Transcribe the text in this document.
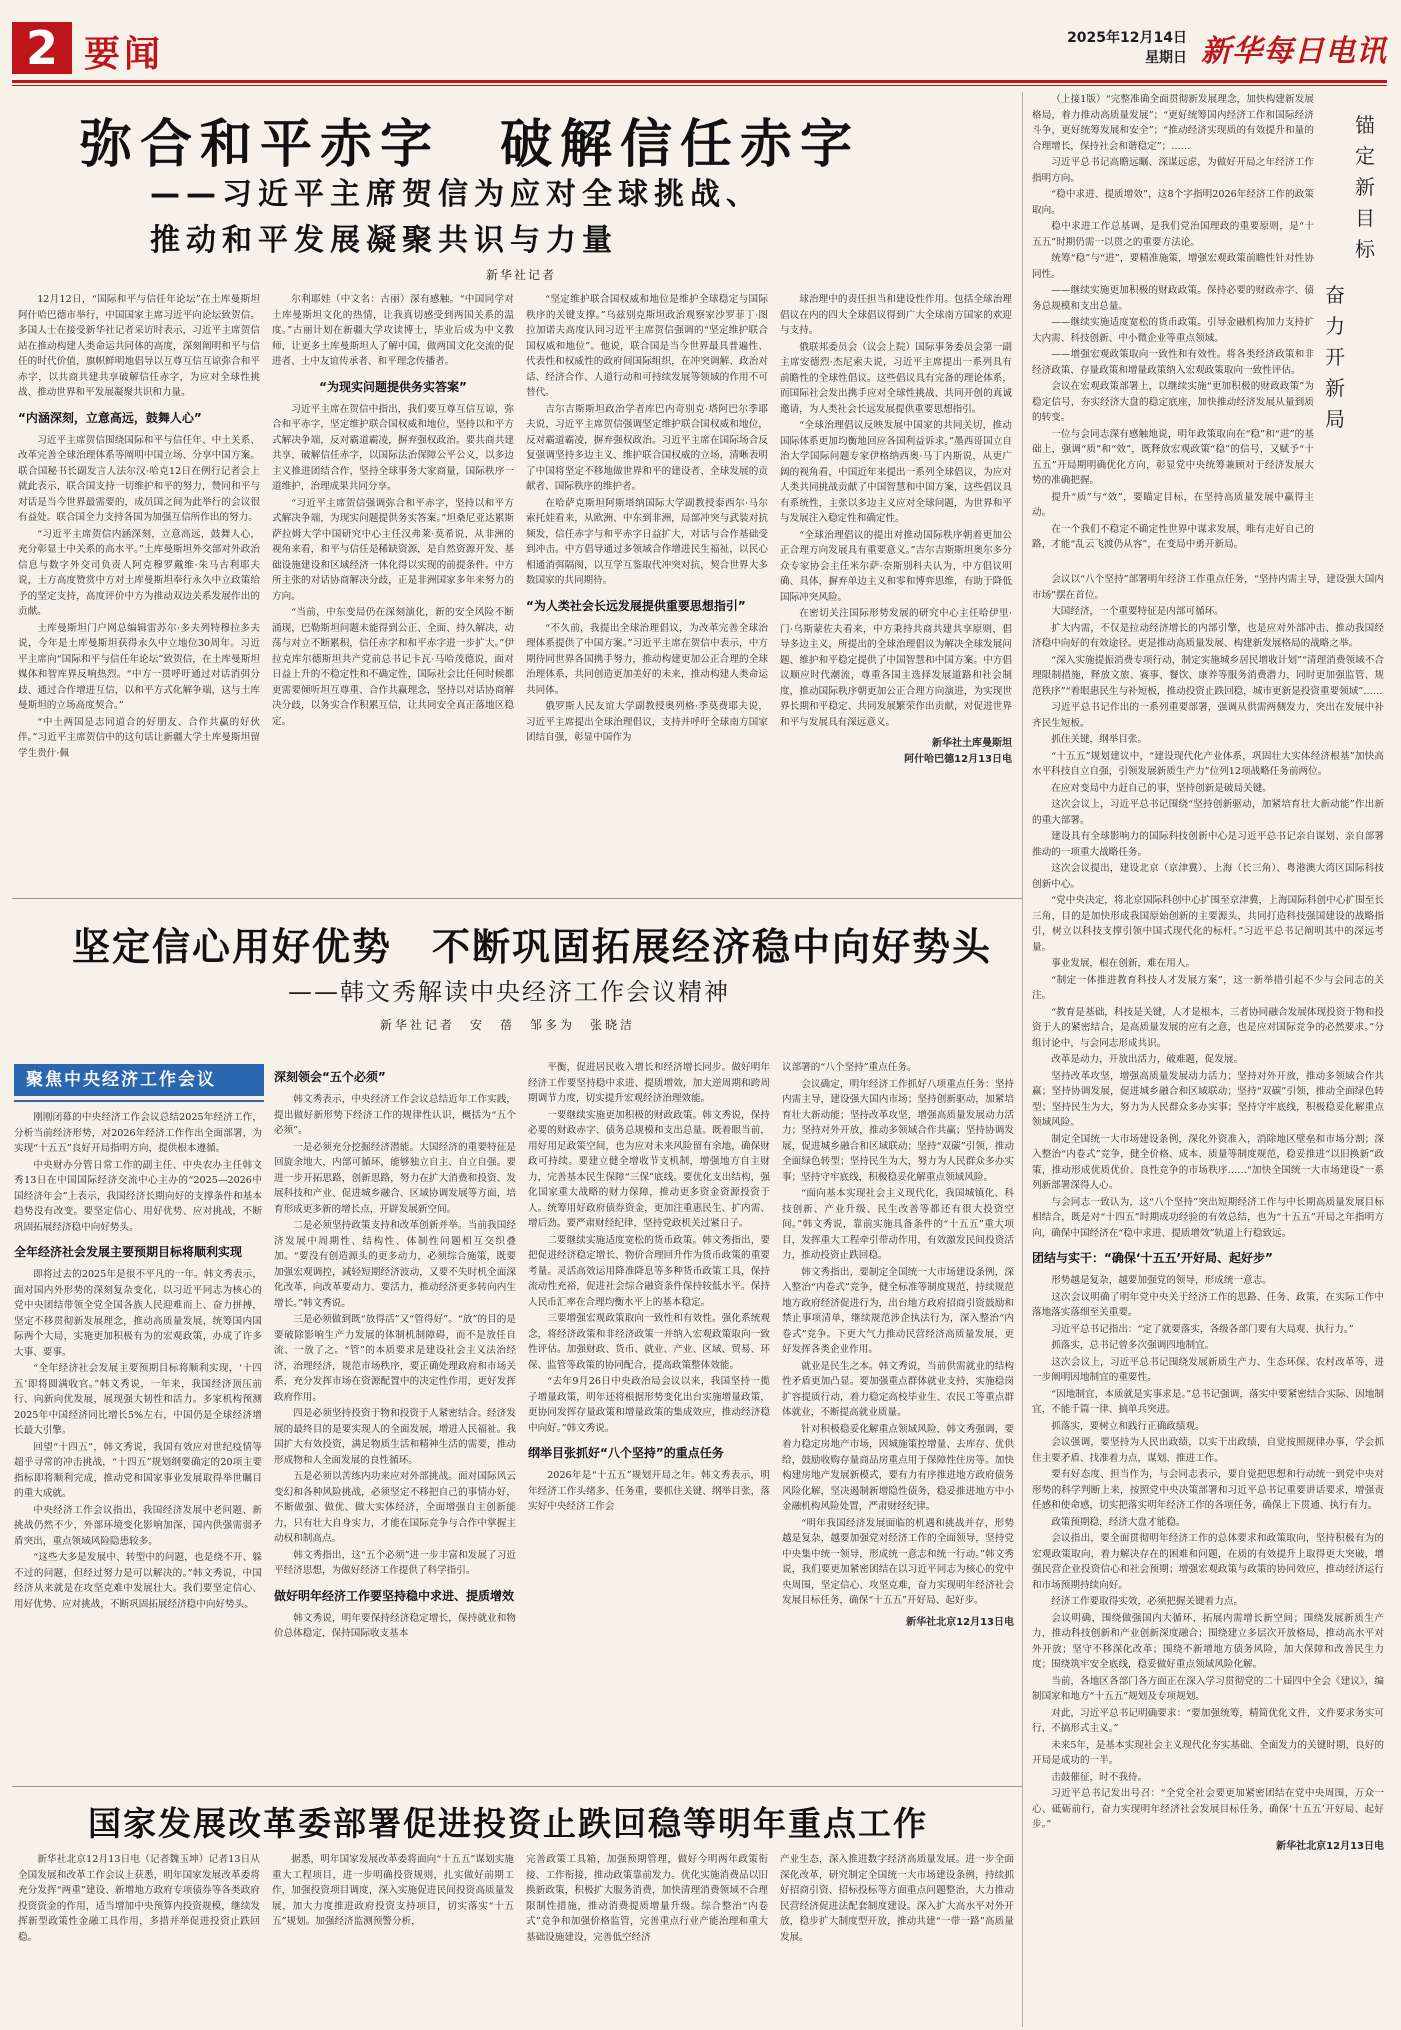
2 要闻	2025年12月14日
星期日 新华每日电讯
弥合和平赤字　破解信任赤字
——习近平主席贺信为应对全球挑战、
推动和平发展凝聚共识与力量
新华社记者

12月12日，“国际和平与信任年论坛”在土库曼斯坦阿什哈巴德市举行，中国国家主席习近平向论坛致贺信。多国人士在接受新华社记者采访时表示，习近平主席贺信站在推动构建人类命运共同体的高度，深刻阐明和平与信任的时代价值，旗帜鲜明地倡导以互尊互信互谅弥合和平赤字，以共商共建共享破解信任赤字，为应对全球性挑战、推动世界和平发展凝聚共识和力量。

“内涵深刻，立意高远，鼓舞人心”

习近平主席贺信围绕国际和平与信任年、中土关系、改革完善全球治理体系等阐明中国立场、分享中国方案。联合国秘书长副发言人法尔汉·哈克12日在例行记者会上就此表示，联合国支持一切维护和平的努力，赞同和平与对话是当今世界最需要的，成员国之间为此举行的会议很有益处。联合国全力支持各国为加强互信所作出的努力。

“习近平主席贺信内涵深刻，立意高远，鼓舞人心，充分彰显土中关系的高水平。”土库曼斯坦外交部对外政治信息与数字外交司负责人阿克穆罗戴维·朱马古利耶夫说，土方高度赞赏中方对土库曼斯坦奉行永久中立政策给予的坚定支持，高度评价中方为推动双边关系发展作出的贡献。

土库曼斯坦门户网总编辑雷苏尔·多夫列特穆拉多夫说，今年是土库曼斯坦获得永久中立地位30周年。习近平主席向“国际和平与信任年论坛”致贺信，在土库曼斯坦媒体和智库界反响热烈。“中方一贯呼吁通过对话消弭分歧、通过合作增进互信，以和平方式化解争端，这与土库曼斯坦的立场高度契合。”

“中土两国是志同道合的好朋友、合作共赢的好伙伴。”习近平主席贺信中的这句话让新疆大学土库曼斯坦留学生贵什·佩

尔利耶娃（中文名：古丽）深有感触。“中国同学对土库曼斯坦文化的热情，让我真切感受到两国关系的温度。”古丽计划在新疆大学攻读博士，毕业后成为中文教师，让更多土库曼斯坦人了解中国，做两国文化交流的促进者、土中友谊传承者、和平理念传播者。

“为现实问题提供务实答案”

习近平主席在贺信中指出，我们要互尊互信互谅，弥合和平赤字，坚定维护联合国权威和地位，坚持以和平方式解决争端，反对霸道霸凌，摒弃强权政治。要共商共建共享，破解信任赤字，以国际法治保障公平公义，以多边主义推进团结合作，坚持全球事务大家商量，国际秩序一道维护，治理成果共同分享。

“习近平主席贺信强调弥合和平赤字，坚持以和平方式解决争端，为现实问题提供务实答案。”坦桑尼亚达累斯萨拉姆大学中国研究中心主任汉弗莱·莫希说，从非洲的视角来看，和平与信任是稀缺资源，是自然资源开发、基础设施建设和区域经济一体化得以实现的前提条件。中方所主张的对话协商解决分歧，正是非洲国家多年来努力的方向。

“当前，中东变局仍在深刻演化，新的安全风险不断涌现，巴勒斯坦问题未能得到公正、全面、持久解决，动荡与对立不断累积，信任赤字和和平赤字进一步扩大。”伊拉克库尔德斯坦共产党前总书记卡瓦·马哈茂德说，面对日益上升的不稳定性和不确定性，国际社会比任何时候都更需要倾听坦互尊重、合作共赢理念，坚持以对话协商解决分歧，以务实合作积累互信，让共同安全真正落地区稳定。

“坚定维护联合国权威和地位是维护全球稳定与国际秩序的关键支撑。”乌兹别克斯坦政治观察家沙罗菲丁·图拉加诺夫高度认同习近平主席贺信强调的“坚定维护联合国权威和地位”。他说，联合国是当今世界最具普遍性、代表性和权威性的政府间国际组织，在冲突调解、政治对话、经济合作、人道行动和可持续发展等领域的作用不可替代。

吉尔吉斯斯坦政治学者库巴内奇别克·塔阿巴尔季耶夫说，习近平主席贺信强调坚定维护联合国权威和地位，反对霸道霸凌，摒弃强权政治。习近平主席在国际场合反复强调坚持多边主义、维护联合国权威的立场，清晰表明了中国将坚定不移地做世界和平的建设者、全球发展的贡献者、国际秩序的维护者。

在哈萨克斯坦阿斯塔纳国际大学副教授泰西尔·马尔索托娃看来，从欧洲、中东到非洲，局部冲突与武装对抗频发，信任赤字与和平赤字日益扩大，对话与合作基础受到冲击。中方倡导通过多领域合作增进民生福祉，以民心相通消弭隔阂，以互学互鉴取代冲突对抗，契合世界大多数国家的共同期待。

“为人类社会长远发展提供重要思想指引”

“不久前，我提出全球治理倡议，为改革完善全球治理体系提供了中国方案。”习近平主席在贺信中表示，中方期待同世界各国携手努力，推动构建更加公正合理的全球治理体系，共同创造更加美好的未来，推动构建人类命运共同体。

俄罗斯人民友谊大学副教授奥列格·季莫费耶夫说，习近平主席提出全球治理倡议，支持并呼吁全球南方国家团结自强，彰显中国作为

球治理中的责任担当和建设性作用。包括全球治理倡议在内的四大全球倡议得到广大全球南方国家的欢迎与支持。

俄联邦委员会（议会上院）国际事务委员会第一副主席安德烈·杰尼索夫说，习近平主席提出一系列具有前瞻性的全球性倡议。这些倡议具有完备的理论体系，而国际社会发出携手应对全球性挑战、共同开创的真诚邀请，为人类社会长远发展提供重要思想指引。

“全球治理倡议反映发展中国家的共同关切，推动国际体系更加均衡地回应各国利益诉求。”墨西哥国立自治大学国际问题专家伊格纳西奥·马丁内斯说，从更广阔的视角看，中国近年来提出一系列全球倡议，为应对人类共同挑战贡献了中国智慧和中国方案，这些倡议具有系统性，主张以多边主义应对全球问题，为世界和平与发展注入稳定性和确定性。

“全球治理倡议的提出对推动国际秩序朝着更加公正合理方向发展具有重要意义。”吉尔吉斯斯坦奥尔多分众专家协会主任米尔萨·奈斯别科夫认为，中方倡议明确、具体，摒弃单边主义和零和博弈思维，有助于降低国际冲突风险。

在密切关注国际形势发展的研究中心主任哈伊里·门·乌斯蒙佐夫看来，中方秉持共商共建共享原则，倡导多边主义，所提出的全球治理倡议为解决全球发展问题、维护和平稳定提供了中国智慧和中国方案。中方倡议顺应时代潮流，尊重各国主选择发展道路和社会制度，推动国际秩序朝更加公正合理方向演进，为实现世界长期和平稳定、共同发展繁荣作出贡献，对促进世界和平与发展具有深远意义。

新华社土库曼斯坦
阿什哈巴德12月13日电
坚定信心用好优势　不断巩固拓展经济稳中向好势头
——韩文秀解读中央经济工作会议精神
新华社记者　安　蓓　邹多为　张晓洁
聚焦中央经济工作会议

刚刚闭幕的中央经济工作会议总结2025年经济工作，分析当前经济形势，对2026年经济工作作出全面部署，为实现“十五五”良好开局指明方向，提供根本遵循。

中央财办分管日常工作的副主任、中央农办主任韩文秀13日在中国国际经济交流中心主办的“2025—2026中国经济年会”上表示，我国经济长期向好的支撑条件和基本趋势没有改变。要坚定信心、用好优势、应对挑战，不断巩固拓展经济稳中向好势头。

全年经济社会发展主要预期目标将顺利实现

即将过去的2025年是很不平凡的一年。韩文秀表示，面对国内外形势的深刻复杂变化，以习近平同志为核心的党中央团结带领全党全国各族人民迎难而上、奋力拼搏，坚定不移贯彻新发展理念，推动高质量发展，统筹国内国际两个大局，实施更加积极有为的宏观政策，办成了许多大事、要事。

“全年经济社会发展主要预期目标将顺利实现，‘十四五’即将圆满收官。”韩文秀说，一年来，我国经济顶压前行、向新向优发展，展现强大韧性和活力。多家机构预测2025年中国经济同比增长5%左右，中国仍是全球经济增长最大引擎。

回望“十四五”，韩文秀说，我国有效应对世纪疫情等超乎寻常的冲击挑战，“十四五”规划纲要确定的20项主要指标即将顺利完成，推动党和国家事业发展取得举世瞩目的重大成就。

中央经济工作会议指出，我国经济发展中老问题、新挑战仍然不少，外部环境变化影响加深，国内供强需弱矛盾突出，重点领域风险隐患较多。

“这些大多是发展中、转型中的问题，也是绕不开、躲不过的问题，但经过努力是可以解决的。”韩文秀说，中国经济从来就是在攻坚克难中发展壮大。我们要坚定信心、用好优势、应对挑战，不断巩固拓展经济稳中向好势头。

深刻领会“五个必须”

韩文秀表示，中央经济工作会议总结近年工作实践，提出做好新形势下经济工作的规律性认识，概括为“五个必须”。

一是必须充分挖掘经济潜能。大国经济的重要特征是回旋余地大，内部可循环，能够独立自主、自立自强。要进一步开拓思路，创新思路，努力在扩大消费和投资、发展科技和产业、促进城乡融合、区域协调发展等方面，培育形成更多新的增长点，开辟发展新空间。

二是必须坚持政策支持和改革创新并举。当前我国经济发展中周期性、结构性、体制性问题相互交织叠加。“要没有创造源头的更多动力，必须综合施策，既要加强宏观调控，减轻短期经济波动，又要不失时机全面深化改革，向改革要动力、要活力，推动经济更多转向内生增长。”韩文秀说。

三是必须做到既“放得活”又“管得好”。“放”的目的是要破除影响生产力发展的体制机制障碍，而不是放任自流、一放了之。“管”的本质要求是建设社会主义法治经济，治理经济，规范市场秩序，要正确处理政府和市场关系，充分发挥市场在资源配置中的决定性作用，更好发挥政府作用。

四是必须坚持投资于物和投资于人紧密结合。经济发展的最终目的是要实现人的全面发展，增进人民福祉。我国扩大有效投资，满足物质生活和精神生活的需要，推动形成物和人全面发展的良性循环。

五是必须以苦练内功来应对外部挑战。面对国际风云变幻和各种风险挑战，必须坚定不移把自己的事情办好，不断做强、做优、做大实体经济，全面增强自主创新能力，只有壮大自身实力，才能在国际竞争与合作中掌握主动权和制高点。

韩文秀指出，这“五个必须”进一步丰富和发展了习近平经济思想，为做好经济工作提供了科学指引。

做好明年经济工作要坚持稳中求进、提质增效

韩文秀说，明年要保持经济稳定增长，保持就业和物价总体稳定，保持国际收支基本

平衡，促进居民收入增长和经济增长同步。做好明年经济工作要坚持稳中求进、提质增效，加大逆周期和跨周期调节力度，切实提升宏观经济治理效能。

一要继续实施更加积极的财政政策。韩文秀说，保持必要的财政赤字、债务总规模和支出总量。既着眼当前，用好用足政策空间，也为应对未来风险留有余地，确保财政可持续。要建立健全增收节支机制，增强地方自主财力，完善基本民生保障“三保”底线。要优化支出结构，强化国家重大战略的财力保障，推动更多资金资源投资于人。统筹用好政府债券资金，更加注重惠民生、扩内需、增后劲。要严肃财经纪律，坚持党政机关过紧日子。

二要继续实施适度宽松的货币政策。韩文秀指出，要把促进经济稳定增长、物价合理回升作为货币政策的重要考量。灵活高效运用降准降息等多种货币政策工具，保持流动性充裕，促进社会综合融资条件保持较低水平。保持人民币汇率在合理均衡水平上的基本稳定。

三要增强宏观政策取向一致性和有效性。强化系统观念，将经济政策和非经济政策一并纳入宏观政策取向一致性评估。加强财政、货币、就业、产业、区域、贸易、环保、监管等政策的协同配合，提高政策整体效能。

“去年9月26日中央政治局会议以来，我国坚持一揽子增量政策，明年还将根据形势变化出台实施增量政策，更协同发挥存量政策和增量政策的集成效应，推动经济稳中向好。”韩文秀说。

纲举目张抓好“八个坚持”的重点任务

2026年是“十五五”规划开局之年。韩文秀表示，明年经济工作头绪多、任务重，要抓住关键、纲举目张，落实好中央经济工作会

议部署的“八个坚持”重点任务。

会议确定，明年经济工作抓好八项重点任务：坚持内需主导，建设强大国内市场；坚持创新驱动，加紧培育壮大新动能；坚持改革攻坚，增强高质量发展动力活力；坚持对外开放，推动多领域合作共赢；坚持协调发展，促进城乡融合和区域联动；坚持“双碳”引领，推动全面绿色转型；坚持民生为大，努力为人民群众多办实事；坚持守牢底线，积极稳妥化解重点领域风险。

“面向基本实现社会主义现代化，我国城镇化、科技创新、产业升级、民生改善等都还有很大投资空间。”韩文秀说，靠前实施具备条件的“十五五”重大项目，发挥重大工程牵引带动作用，有效激发民间投资活力，推动投资止跌回稳。

韩文秀指出，要制定全国统一大市场建设条例，深入整治“内卷式”竞争，健全标准等制度规范，持续规范地方政府经济促进行为，出台地方政府招商引资鼓励和禁止事项清单，继续规范涉企执法行为，深入整治“内卷式”竞争。下更大气力推动民营经济高质量发展，更好发挥各类企业作用。

就业是民生之本。韩文秀说，当前供需就业的结构性矛盾更加凸显。要加强重点群体就业支持，实施稳岗扩容提质行动，着力稳定高校毕业生、农民工等重点群体就业，不断提高就业质量。

针对积极稳妥化解重点领域风险，韩文秀强调，要着力稳定房地产市场，因城施策控增量、去库存、优供给，鼓励收购存量商品房重点用于保障性住房等。加快构建房地产发展新模式，要有力有序推进地方政府债务风险化解，坚决遏制新增隐性债务，稳妥推进地方中小金融机构风险处置，严肃财经纪律。

“明年我国经济发展面临的机遇和挑战并存，形势越是复杂，越要加强党对经济工作的全面领导，坚持党中央集中统一领导，形成统一意志和统一行动。”韩文秀说，我们要更加紧密团结在以习近平同志为核心的党中央周围，坚定信心、攻坚克难，奋力实现明年经济社会发展目标任务，确保“十五五”开好局、起好步。

新华社北京12月13日电
国家发展改革委部署促进投资止跌回稳等明年重点工作

新华社北京12月13日电（记者魏玉坤）记者13日从全国发展和改革工作会议上获悉，明年国家发展改革委将充分发挥“两重”建设、新增地方政府专项债券等各类政府投资资金的作用，适当增加中央预算内投资规模，继续发挥新型政策性金融工具作用，多措并举促进投资止跌回稳。

据悉，明年国家发展改革委将面向“十五五”谋划实施重大工程项目，进一步明确投资规则，扎实做好前期工作，加强投资项目调度，深入实施促进民间投资高质量发展，加大力度推进政府投资支持项目，切实落实“十五五”规划。加强经济监测预警分析，

完善政策工具箱，加强预期管理，做好今明两年政策衔接、工作衔接，推动政策靠前发力。优化实施消费品以旧换新政策，积极扩大服务消费，加快清理消费领域不合理限制性措施，推动消费提质增量升级。综合整治“内卷式”竞争和加强价格监管，完善重点行业产能治理和重大基础设施建设，完善低空经济

产业生态，深入推进数字经济高质量发展。进一步全面深化改革，研究制定全国统一大市场建设条例，持续抓好招商引资、招标投标等方面重点问题整治，大力推动民营经济促进法配套制度建设。深入扩大高水平对外开放，稳步扩大制度型开放，推动共建“一带一路”高质量发展。

锚
定
新
目
标
奋
力
开
新
局

（上接1版）“完整准确全面贯彻新发展理念，加快构建新发展格局，着力推动高质量发展”；“更好统筹国内经济工作和国际经济斗争，更好统筹发展和安全”；“推动经济实现质的有效提升和量的合理增长，保持社会和谐稳定”；……

习近平总书记高瞻远瞩、深谋远虑，为做好开局之年经济工作指明方向。

“稳中求进、提质增效”，这8个字指明2026年经济工作的政策取向。

稳中求进工作总基调，是我们党治国理政的重要原则，是“十五五”时期仍需一以贯之的重要方法论。

统筹“稳”与“进”，要精准施策，增强宏观政策前瞻性针对性协同性。

——继续实施更加积极的财政政策。保持必要的财政赤字、债务总规模和支出总量。

——继续实施适度宽松的货币政策。引导金融机构加力支持扩大内需、科技创新、中小微企业等重点领域。

——增强宏观政策取向一致性和有效性。将各类经济政策和非经济政策、存量政策和增量政策纳入宏观政策取向一致性评估。

会议在宏观政策部署上，以继续实施“更加积极的财政政策”为稳定信号，夯实经济大盘的稳定底座，加快推动经济发展从量到质的转变。

一位与会同志深有感触地说，明年政策取向在“稳”和“进”的基础上，强调“质”和“效”，既释放宏观政策“稳”的信号，又赋予“十五五”开局期明确优化方向，彰显党中央统筹兼顾对于经济发展大势的准确把握。

提升“质”与“效”，要瞄定目标，在坚持高质量发展中赢得主动。

在一个我们不稳定不确定性世界中谋求发展，唯有走好自己的路，才能“乱云飞渡仍从容”，在变局中勇开新局。

会议以“八个坚持”部署明年经济工作重点任务，“坚持内需主导，建设强大国内市场”摆在首位。

大国经济，一个重要特征是内部可循环。

扩大内需，不仅是拉动经济增长的内部引擎，也是应对外部冲击、推动我国经济稳中向好的有效途径。更是推动高质量发展、构建新发展格局的战略之举。

“深入实施提振消费专项行动，制定实施城乡居民增收计划”“清理消费领域不合理限制措施，释放文旅、赛事、餐饮、康养等服务消费潜力，同时更加强监管、规范秩序”“着眼惠民生与补短板，推动投资止跌回稳，城市更新是投资重要领域”……

习近平总书记作出的一系列重要部署，强调从供需两侧发力，突出在发展中补齐民生短板。

抓住关键，纲举目张。

“十五五”规划建议中，“建设现代化产业体系，巩固壮大实体经济根基”加快高水平科技自立自强，引领发展新质生产力”位列12项战略任务前两位。

在应对变局中力赶自己的事，坚持创新是破局关键。

这次会议上，习近平总书记围绕“坚持创新驱动，加紧培育壮大新动能”作出新的重大部署。

建设具有全球影响力的国际科技创新中心是习近平总书记亲自谋划、亲自部署推动的一项重大战略任务。

这次会议提出，建设北京（京津冀）、上海（长三角）、粤港澳大湾区国际科技创新中心。

“党中央决定，将北京国际科创中心扩围至京津冀，上海国际科创中心扩围至长三角，目的是加快形成我国原始创新的主要源头，共同打造科技强国建设的战略指引，树立以科技支撑引领中国式现代化的标杆。”习近平总书记阐明其中的深远考量。

事业发展，根在创新，难在用人。

“制定一体推进教育科技人才发展方案”，这一新举措引起不少与会同志的关注。

“教育是基础，科技是关键，人才是根本，三者协同融合发展体现投资于物和投资于人的紧密结合，是高质量发展的应有之意，也是应对国际竞争的必然要求。”分组讨论中，与会同志形成共识。

改革是动力，开放出活力，破难题，促发展。

坚持改革攻坚，增强高质量发展动力活力；坚持对外开放，推动多领域合作共赢；坚持协调发展，促进城乡融合和区域联动；坚持“双碳”引领，推动全面绿色转型；坚持民生为大，努力为人民群众多办实事；坚持守牢底线，积极稳妥化解重点领域风险。

制定全国统一大市场建设条例，深化外资准入，消除地区壁垒和市场分割；深入整治“内卷式”竞争，健全价格、成本、质量等制度规范，稳妥推进“以旧换新”政策，推动形成优质优价、良性竞争的市场秩序……“加快全国统一大市场建设”一系列新部署深得人心。

与会同志一致认为，这“八个坚持”突出短期经济工作与中长期高质量发展目标相结合，既是对“十四五”时期成功经验的有效总结，也为“十五五”开局之年指明方向，确保中国经济在“稳中求进、提质增效”轨道上行稳致远。

团结与实干：“确保‘十五五’开好局、起好步”

形势越是复杂，越要加强党的领导，形成统一意志。

这次会议明确了明年党中央关于经济工作的思路、任务、政策，在实际工作中落地落实落细至关重要。

习近平总书记指出：“定了就要落实，各级各部门要有大局观、执行力。”

抓落实，总书记曾多次强调四地制宜。

这次会议上，习近平总书记围绕发展新质生产力、生态环保、农村改革等，进一步阐明因地制宜的重要性。

“因地制宜，本质就是实事求是。”总书记强调，落实中要紧密结合实际、因地制宜，不能千篇一律、搞单兵突进。

抓落实，要树立和践行正确政绩观。

会议强调，要坚持为人民出政绩，以实干出政绩，自觉按照规律办事，学会抓住主要矛盾、找准着力点，谋划、推进工作。

要有好态度、担当作为，与会同志表示，要自觉把思想和行动统一到党中央对形势的科学判断上来，按照党中央决策部署和习近平总书记重要讲话要求，增强责任感和使命感，切实把落实明年经济工作的各项任务，确保上下贯通、执行有力。

政策预期稳，经济大盘才能稳。

会议指出，要全面贯彻明年经济工作的总体要求和政策取向，坚持积极有为的宏观政策取向，着力解决存在的困难和问题，在质的有效提升上取得更大突破，增强民营企业投资信心和社会预期；增强宏观政策与政策的协同效应，推动经济运行和市场预期持续向好。

经济工作要取得实效，必须把握关键着力点。

会议明确，围绕做强国内大循环，拓展内需增长新空间；围绕发展新质生产力，推动科技创新和产业创新深度融合；围绕建立多层次开放格局，推动高水平对外开放；坚守不移深化改革；围绕不新增地方债务风险，加大保障和改善民生力度；围绕筑牢安全底线，稳妥做好重点领域风险化解。

当前，各地区各部门各方面正在深入学习贯彻党的二十届四中全会《建议》，编制国家和地方“十五五”规划及专项规划。

对此，习近平总书记明确要求：“要加强统筹，精简优化文件，文件要求务实可行，不搞形式主义。”

未来5年，是基本实现社会主义现代化夯实基础、全面发力的关键时期，良好的开局是成功的一半。

击鼓催征，时不我待。

习近平总书记发出号召：“全党全社会要更加紧密团结在党中央周围，万众一心、砥砺前行，奋力实现明年经济社会发展目标任务，确保‘十五五’开好局、起好步。”

新华社北京12月13日电
